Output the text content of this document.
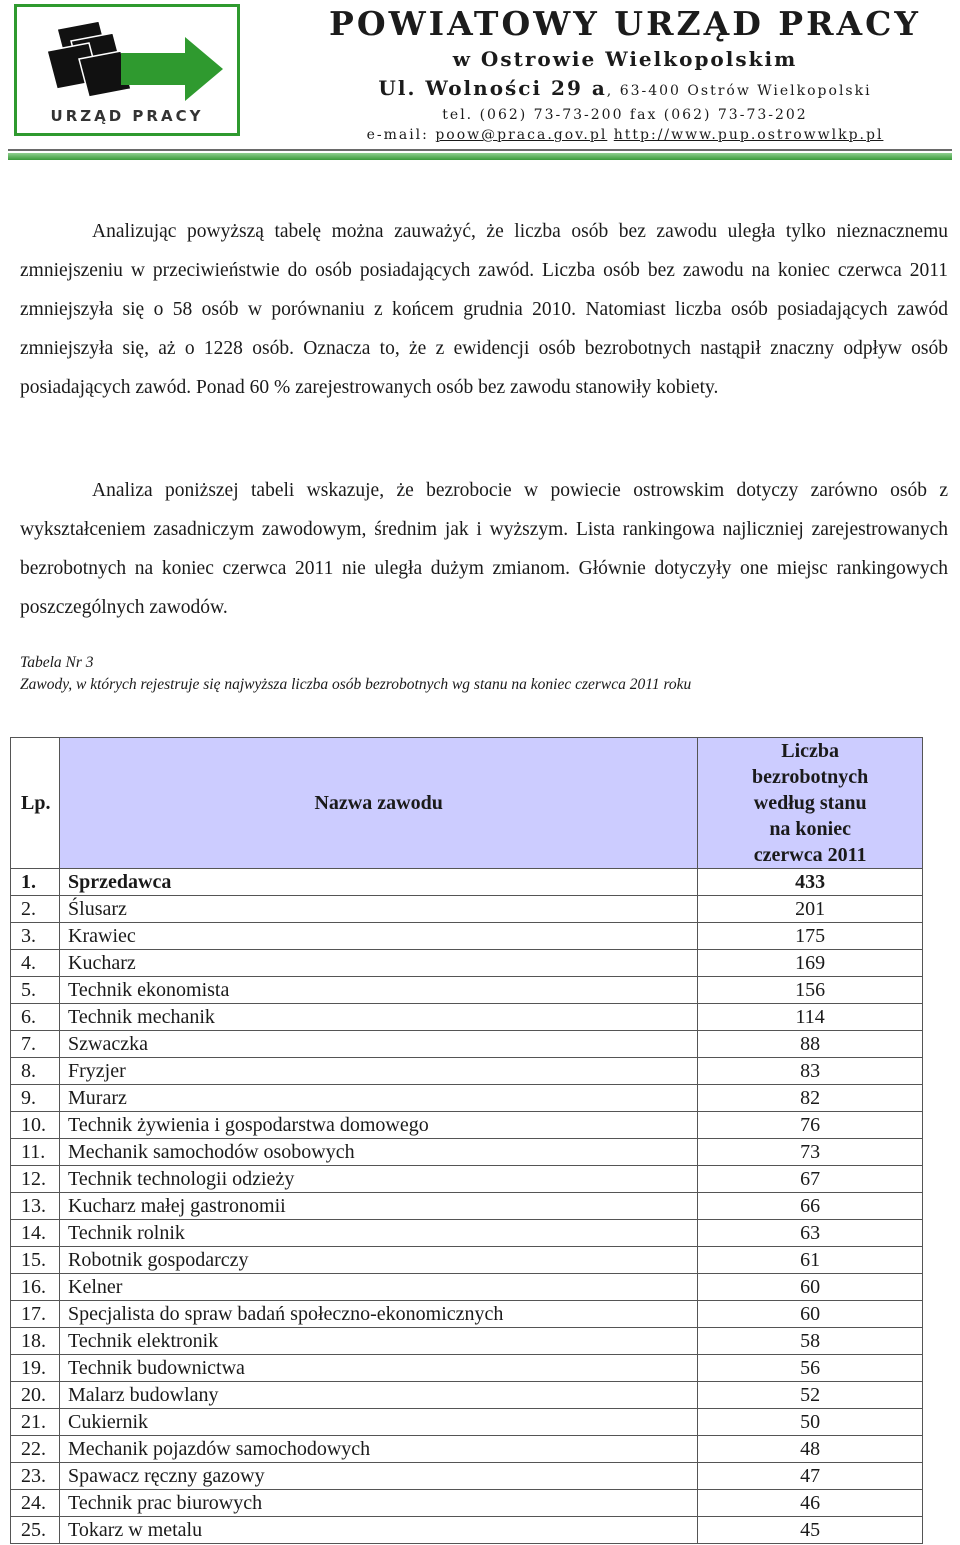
URZĄD PRACY
POWIATOWY URZĄD PRACY
w Ostrowie Wielkopolskim
Ul. Wolności 29 a, 63-400 Ostrów Wielkopolski
tel. (062) 73-73-200 fax (062) 73-73-202
e-mail: poow@praca.gov.pl http://www.pup.ostrowwlkp.pl

Analizując powyższą tabelę można zauważyć, że liczba osób bez zawodu uległa tylko nieznacznemu zmniejszeniu w przeciwieństwie do osób posiadających zawód. Liczba osób bez zawodu na koniec czerwca 2011 zmniejszyła się o 58 osób w porównaniu z końcem grudnia 2010. Natomiast liczba osób posiadających zawód zmniejszyła się, aż o 1228 osób. Oznacza to, że z ewidencji osób bezrobotnych nastąpił znaczny odpływ osób posiadających zawód. Ponad 60 % zarejestrowanych osób bez zawodu stanowiły kobiety.

Analiza poniższej tabeli wskazuje, że bezrobocie w powiecie ostrowskim dotyczy zarówno osób z wykształceniem zasadniczym zawodowym, średnim jak i wyższym. Lista rankingowa najliczniej zarejestrowanych bezrobotnych na koniec czerwca 2011 nie uległa dużym zmianom. Głównie dotyczyły one miejsc rankingowych poszczególnych zawodów.

Tabela Nr 3
Zawody, w których rejestruje się najwyższa liczba osób bezrobotnych wg stanu na koniec czerwca 2011 roku
Lp.	Nazwa zawodu	Liczba
bezrobotnych
według stanu
na koniec
czerwca 2011

1.	Sprzedawca	433
2.	Ślusarz	201
3.	Krawiec	175
4.	Kucharz	169
5.	Technik ekonomista	156
6.	Technik mechanik	114
7.	Szwaczka	88
8.	Fryzjer	83
9.	Murarz	82
10.	Technik żywienia i gospodarstwa domowego	76
11.	Mechanik samochodów osobowych	73
12.	Technik technologii odzieży	67
13.	Kucharz małej gastronomii	66
14.	Technik rolnik	63
15.	Robotnik gospodarczy	61
16.	Kelner	60
17.	Specjalista do spraw badań społeczno-ekonomicznych	60
18.	Technik elektronik	58
19.	Technik budownictwa	56
20.	Malarz budowlany	52
21.	Cukiernik	50
22.	Mechanik pojazdów samochodowych	48
23.	Spawacz ręczny gazowy	47
24.	Technik prac biurowych	46
25.	Tokarz w metalu	45
